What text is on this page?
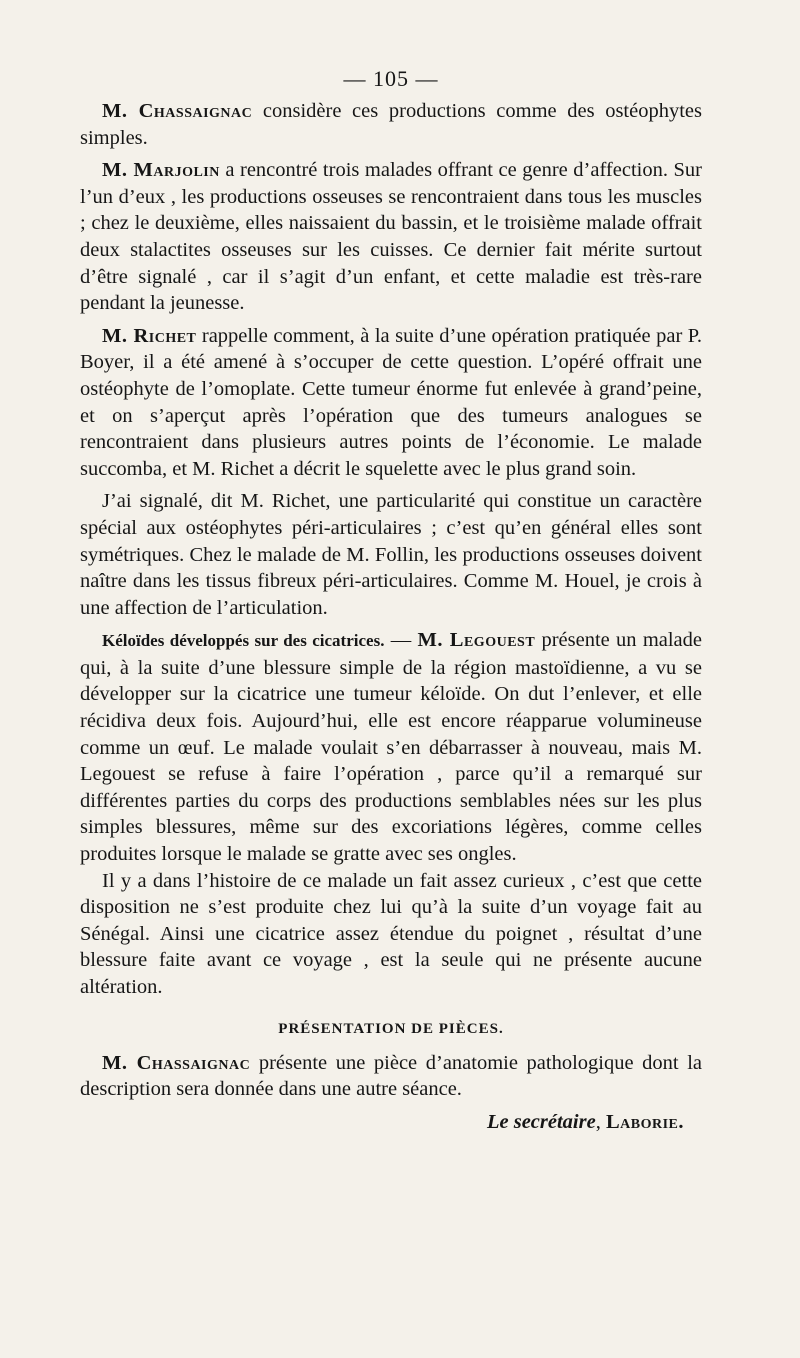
— 105 —

M. Chassaignac considère ces productions comme des ostéophytes simples.

M. Marjolin a rencontré trois malades offrant ce genre d’affection. Sur l’un d’eux , les productions osseuses se rencontraient dans tous les muscles ; chez le deuxième, elles naissaient du bassin, et le troisième malade offrait deux stalactites osseuses sur les cuisses. Ce dernier fait mérite surtout d’être signalé , car il s’agit d’un enfant, et cette maladie est très-rare pendant la jeunesse.

M. Richet rappelle comment, à la suite d’une opération pratiquée par P. Boyer, il a été amené à s’occuper de cette question. L’opéré offrait une ostéophyte de l’omoplate. Cette tumeur énorme fut enlevée à grand’peine, et on s’aperçut après l’opération que des tumeurs analogues se rencontraient dans plusieurs autres points de l’économie. Le malade succomba, et M. Richet a décrit le squelette avec le plus grand soin.

J’ai signalé, dit M. Richet, une particularité qui constitue un caractère spécial aux ostéophytes péri-articulaires ; c’est qu’en général elles sont symétriques. Chez le malade de M. Follin, les productions osseuses doivent naître dans les tissus fibreux péri-articulaires. Comme M. Houel, je crois à une affection de l’articulation.

Kéloïdes développés sur des cicatrices. — M. Legouest présente un malade qui, à la suite d’une blessure simple de la région mastoïdienne, a vu se développer sur la cicatrice une tumeur kéloïde. On dut l’enlever, et elle récidiva deux fois. Aujourd’hui, elle est encore réapparue volumineuse comme un œuf. Le malade voulait s’en débarrasser à nouveau, mais M. Legouest se refuse à faire l’opération , parce qu’il a remarqué sur différentes parties du corps des productions semblables nées sur les plus simples blessures, même sur des excoriations légères, comme celles produites lorsque le malade se gratte avec ses ongles.

Il y a dans l’histoire de ce malade un fait assez curieux , c’est que cette disposition ne s’est produite chez lui qu’à la suite d’un voyage fait au Sénégal. Ainsi une cicatrice assez étendue du poignet , résultat d’une blessure faite avant ce voyage , est la seule qui ne présente aucune altération.

PRÉSENTATION DE PIÈCES.

M. Chassaignac présente une pièce d’anatomie pathologique dont la description sera donnée dans une autre séance.

Le secrétaire, Laborie.
